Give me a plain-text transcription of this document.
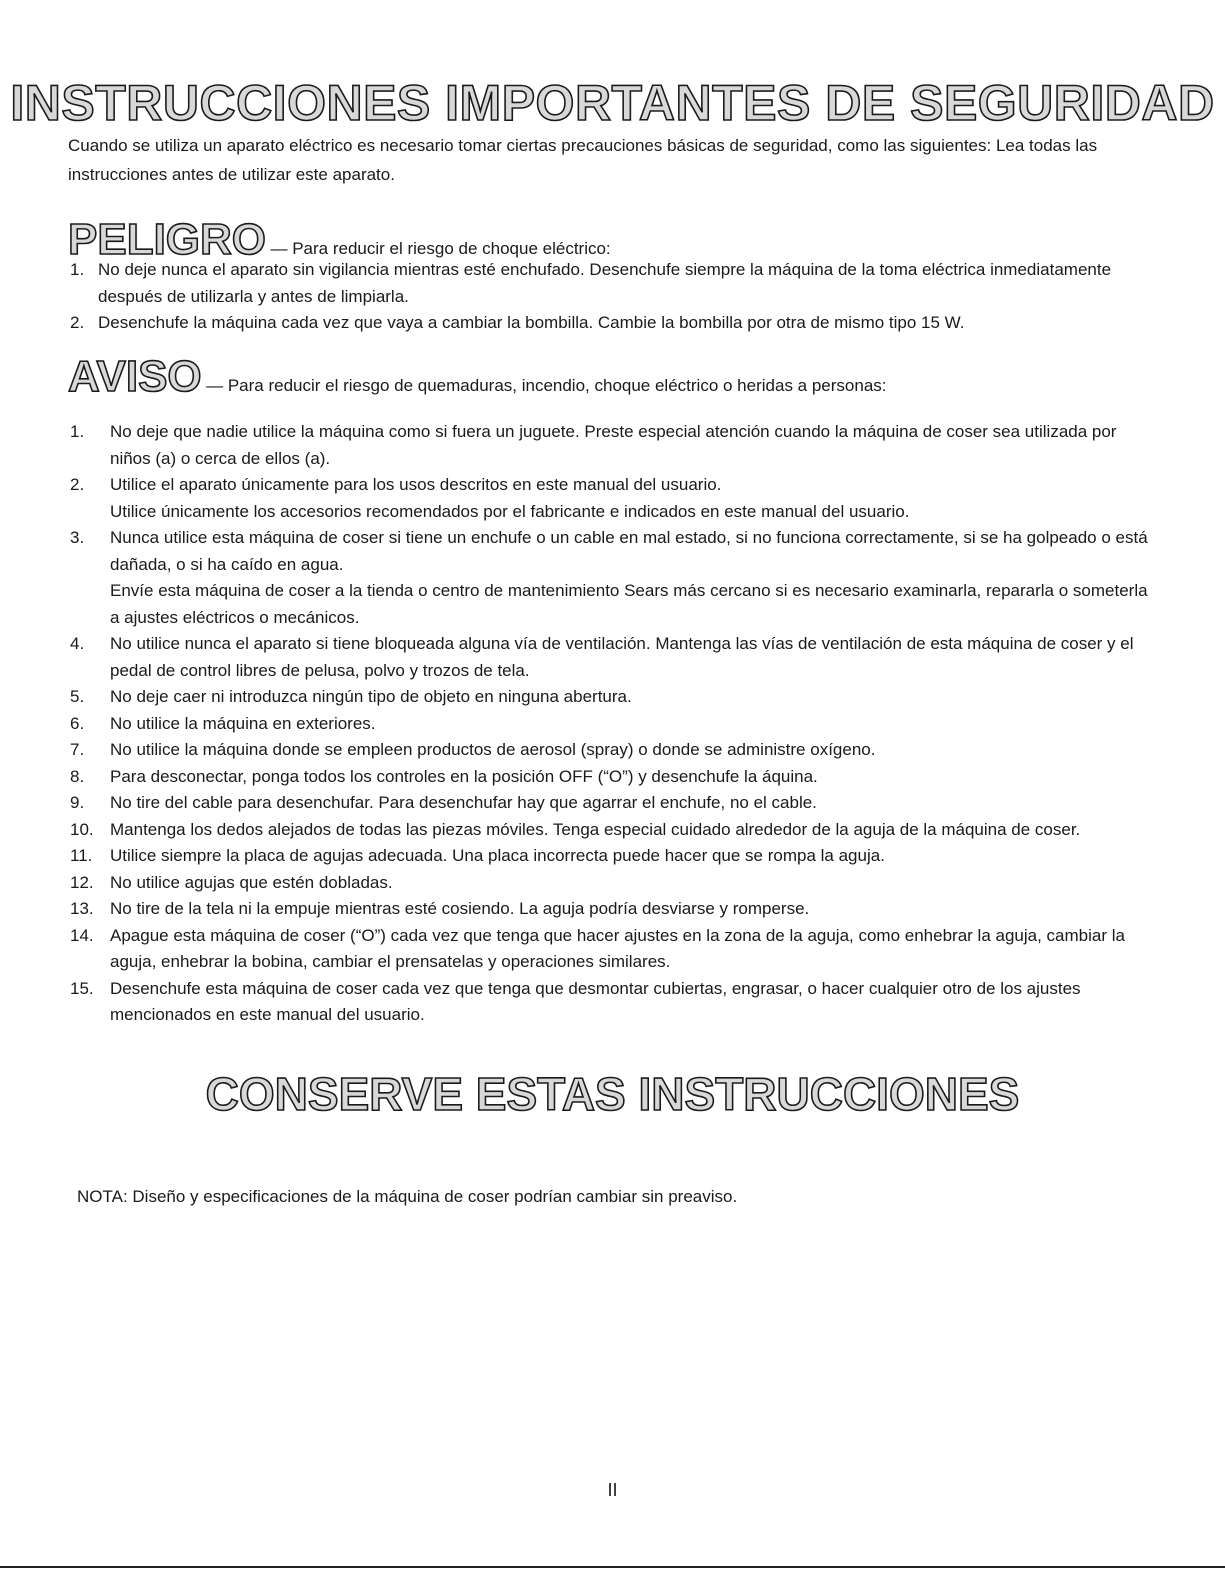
INSTRUCCIONES IMPORTANTES DE SEGURIDAD

Cuando se utiliza un aparato eléctrico es necesario tomar ciertas precauciones básicas de seguridad, como las siguientes: Lea todas las instrucciones antes de utilizar este aparato.

PELIGRO — Para reducir el riesgo de choque eléctrico:
1. No deje nunca el aparato sin vigilancia mientras esté enchufado. Desenchufe siempre la máquina de la toma eléctrica inmediatamente después de utilizarla y antes de limpiarla.
2. Desenchufe la máquina cada vez que vaya a cambiar la bombilla. Cambie la bombilla por otra de mismo tipo 15 W.
AVISO — Para reducir el riesgo de quemaduras, incendio, choque eléctrico o heridas a personas:
1. No deje que nadie utilice la máquina como si fuera un juguete. Preste especial atención cuando la máquina de coser sea utilizada por niños (a) o cerca de ellos (a).
2. Utilice el aparato únicamente para los usos descritos en este manual del usuario.
Utilice únicamente los accesorios recomendados por el fabricante e indicados en este manual del usuario.
3. Nunca utilice esta máquina de coser si tiene un enchufe o un cable en mal estado, si no funciona correctamente, si se ha golpeado o está dañada, o si ha caído en agua.
Envíe esta máquina de coser a la tienda o centro de mantenimiento Sears más cercano si es necesario examinarla, repararla o someterla a ajustes eléctricos o mecánicos.
4. No utilice nunca el aparato si tiene bloqueada alguna vía de ventilación. Mantenga las vías de ventilación de esta máquina de coser y el pedal de control libres de pelusa, polvo y trozos de tela.
5. No deje caer ni introduzca ningún tipo de objeto en ninguna abertura.
6. No utilice la máquina en exteriores.
7. No utilice la máquina donde se empleen productos de aerosol (spray) o donde se administre oxígeno.
8. Para desconectar, ponga todos los controles en la posición OFF (“O”) y desenchufe la áquina.
9. No tire del cable para desenchufar. Para desenchufar hay que agarrar el enchufe, no el cable.
10. Mantenga los dedos alejados de todas las piezas móviles. Tenga especial cuidado alrededor de la aguja de la máquina de coser.
11. Utilice siempre la placa de agujas adecuada. Una placa incorrecta puede hacer que se rompa la aguja.
12. No utilice agujas que estén dobladas.
13. No tire de la tela ni la empuje mientras esté cosiendo. La aguja podría desviarse y romperse.
14. Apague esta máquina de coser (“O”) cada vez que tenga que hacer ajustes en la zona de la aguja, como enhebrar la aguja, cambiar la aguja, enhebrar la bobina, cambiar el prensatelas y operaciones similares.
15. Desenchufe esta máquina de coser cada vez que tenga que desmontar cubiertas, engrasar, o hacer cualquier otro de los ajustes mencionados en este manual del usuario.
CONSERVE ESTAS INSTRUCCIONES

NOTA: Diseño y especificaciones de la máquina de coser podrían cambiar sin preaviso.

II
